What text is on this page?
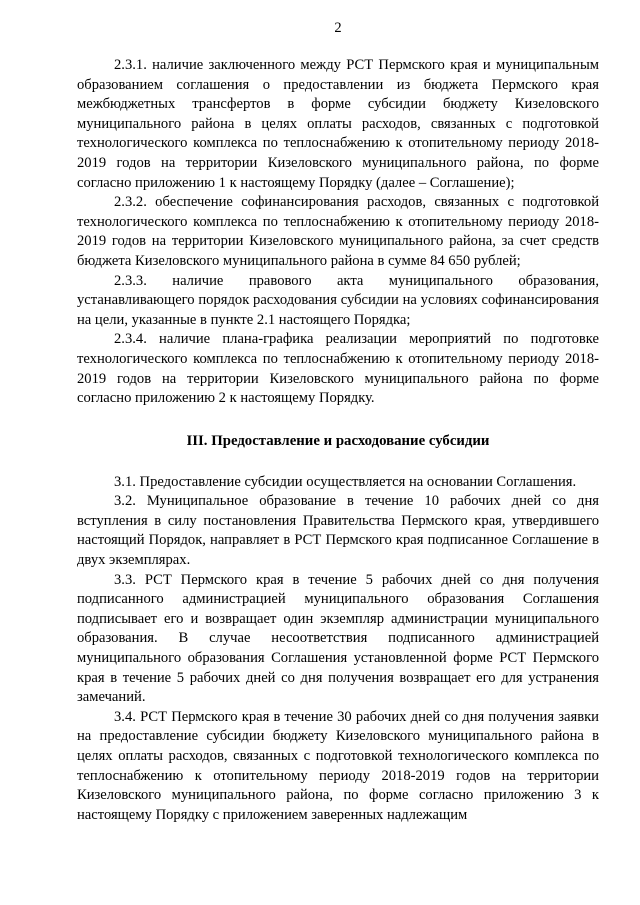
2

2.3.1. наличие заключенного между РСТ Пермского края и муниципальным образованием соглашения о предоставлении из бюджета Пермского края межбюджетных трансфертов в форме субсидии бюджету Кизеловского муниципального района в целях оплаты расходов, связанных с подготовкой технологического комплекса по теплоснабжению к отопительному периоду 2018-2019 годов на территории Кизеловского муниципального района, по форме согласно приложению 1 к настоящему Порядку (далее – Соглашение);

2.3.2. обеспечение софинансирования расходов, связанных с подготовкой технологического комплекса по теплоснабжению к отопительному периоду 2018-2019 годов на территории Кизеловского муниципального района, за счет средств бюджета Кизеловского муниципального района в сумме 84 650 рублей;

2.3.3. наличие правового акта муниципального образования, устанавливающего порядок расходования субсидии на условиях софинансирования на цели, указанные в пункте 2.1 настоящего Порядка;

2.3.4. наличие плана-графика реализации мероприятий по подготовке технологического комплекса по теплоснабжению к отопительному периоду 2018-2019 годов на территории Кизеловского муниципального района по форме согласно приложению 2 к настоящему Порядку.

III. Предоставление и расходование субсидии

3.1. Предоставление субсидии осуществляется на основании Соглашения.

3.2. Муниципальное образование в течение 10 рабочих дней со дня вступления в силу постановления Правительства Пермского края, утвердившего настоящий Порядок, направляет в РСТ Пермского края подписанное Соглашение в двух экземплярах.

3.3. РСТ Пермского края в течение 5 рабочих дней со дня получения подписанного администрацией муниципального образования Соглашения подписывает его и возвращает один экземпляр администрации муниципального образования. В случае несоответствия подписанного администрацией муниципального образования Соглашения установленной форме РСТ Пермского края в течение 5 рабочих дней со дня получения возвращает его для устранения замечаний.

3.4. РСТ Пермского края в течение 30 рабочих дней со дня получения заявки на предоставление субсидии бюджету Кизеловского муниципального района в целях оплаты расходов, связанных с подготовкой технологического комплекса по теплоснабжению к отопительному периоду 2018-2019 годов на территории Кизеловского муниципального района, по форме согласно приложению 3 к настоящему Порядку с приложением заверенных надлежащим
